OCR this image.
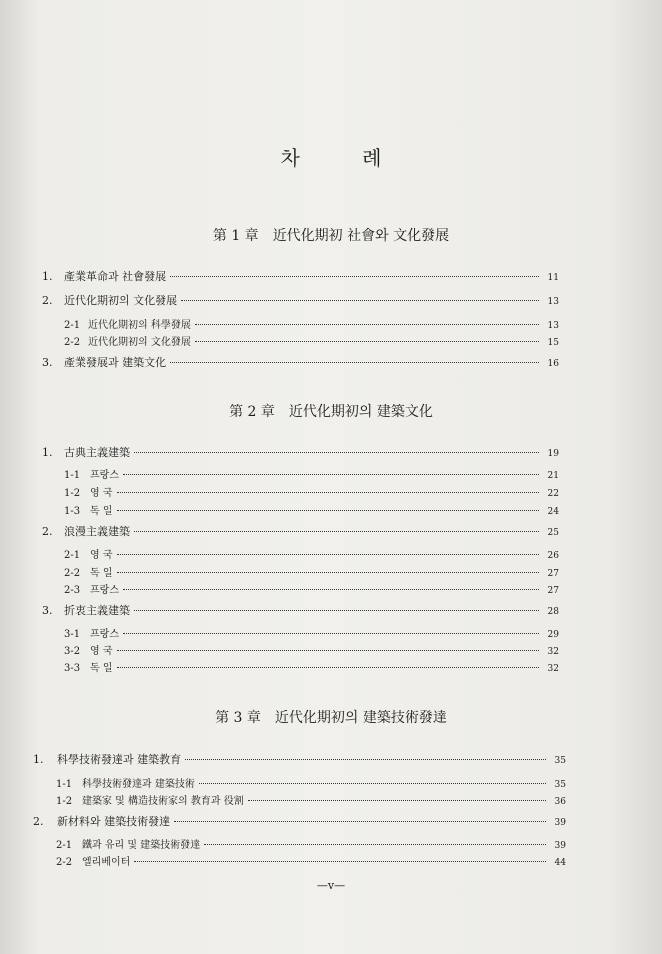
차 례
第 1 章 近代化期初 社會와 文化發展
1.	產業革命과 社會發展	11
2.	近代化期初의 文化發展	13
2-1 近代化期初의 科學發展	13
2-2 近代化期初의 文化發展	15
3.	產業發展과 建築文化	16
第 2 章 近代化期初의 建築文化
1.	古典主義建築	19
1-1 프랑스	21
1-2 영 국	22
1-3 독 일	24
2.	浪漫主義建築	25
2-1 영 국	26
2-2 독 일	27
2-3 프랑스	27
3.	折衷主義建築	28
3-1 프랑스	29
3-2 영 국	32
3-3 독 일	32
第 3 章 近代化期初의 建築技術發達
1.	科學技術發達과 建築教育	35
1-1 科學技術發達과 建築技術	35
1-2 建築家 및 構造技術家의 教育과 役割	36
2.	新材料와 建築技術發達	39
2-1 鐵과 유리 및 建築技術發達	39
2-2 엘리베이터	44
—v—
